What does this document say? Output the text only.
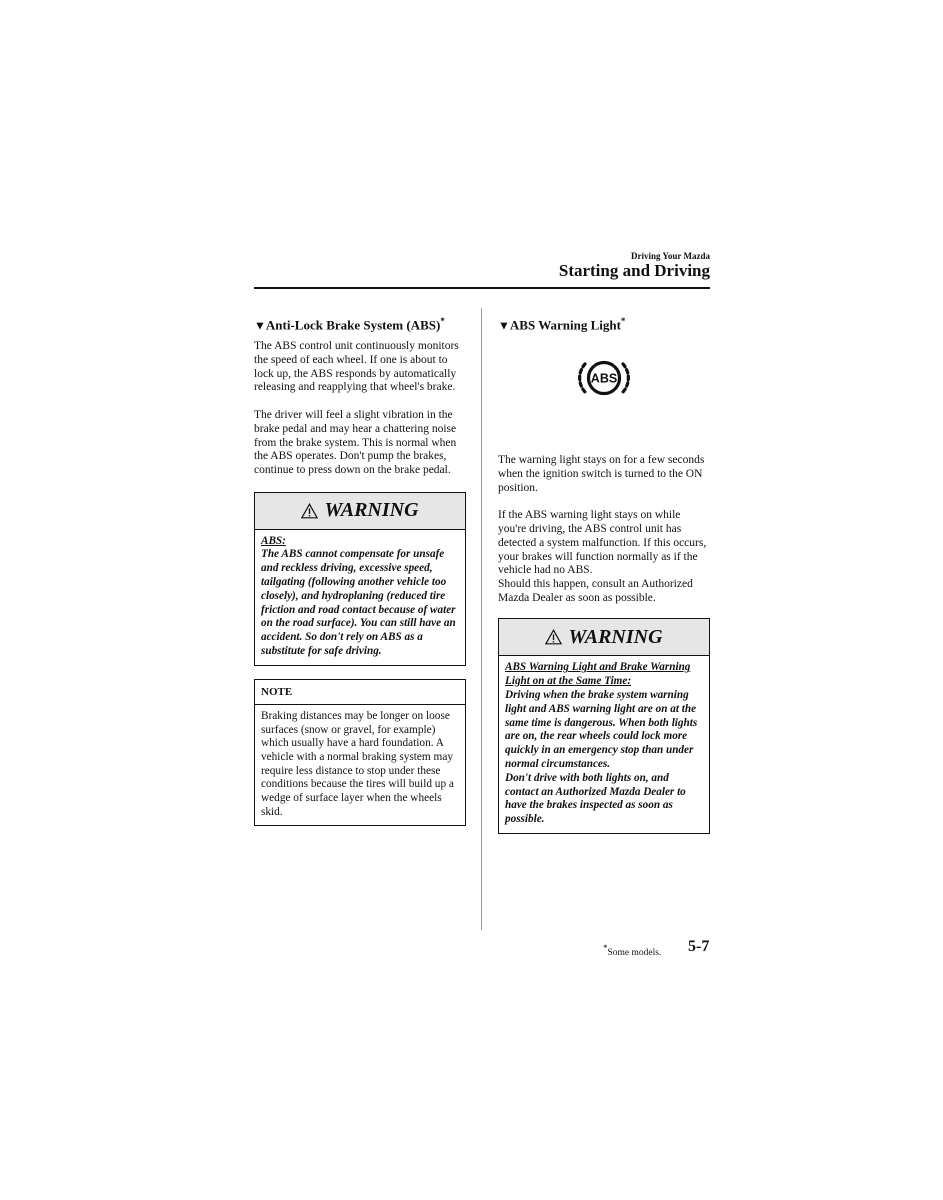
Driving Your Mazda
Starting and Driving
▼Anti-Lock Brake System (ABS)*

The ABS control unit continuously monitors the speed of each wheel. If one is about to lock up, the ABS responds by automatically releasing and reapplying that wheel's brake.

The driver will feel a slight vibration in the brake pedal and may hear a chattering noise from the brake system. This is normal when the ABS operates. Don't pump the brakes, continue to press down on the brake pedal.

WARNING
ABS:
The ABS cannot compensate for unsafe and reckless driving, excessive speed, tailgating (following another vehicle too closely), and hydroplaning (reduced tire friction and road contact because of water on the road surface). You can still have an accident. So don't rely on ABS as a substitute for safe driving.
NOTE
Braking distances may be longer on loose surfaces (snow or gravel, for example) which usually have a hard foundation. A vehicle with a normal braking system may require less distance to stop under these conditions because the tires will build up a wedge of surface layer when the wheels skid.
▼ABS Warning Light*
ABS

The warning light stays on for a few seconds when the ignition switch is turned to the ON position.

If the ABS warning light stays on while you're driving, the ABS control unit has detected a system malfunction. If this occurs, your brakes will function normally as if the vehicle had no ABS.

Should this happen, consult an Authorized Mazda Dealer as soon as possible.

WARNING
ABS Warning Light and Brake Warning Light on at the Same Time:
Driving when the brake system warning light and ABS warning light are on at the same time is dangerous. When both lights are on, the rear wheels could lock more quickly in an emergency stop than under normal circumstances.
Don't drive with both lights on, and contact an Authorized Mazda Dealer to have the brakes inspected as soon as possible.
*Some models. 5-7
